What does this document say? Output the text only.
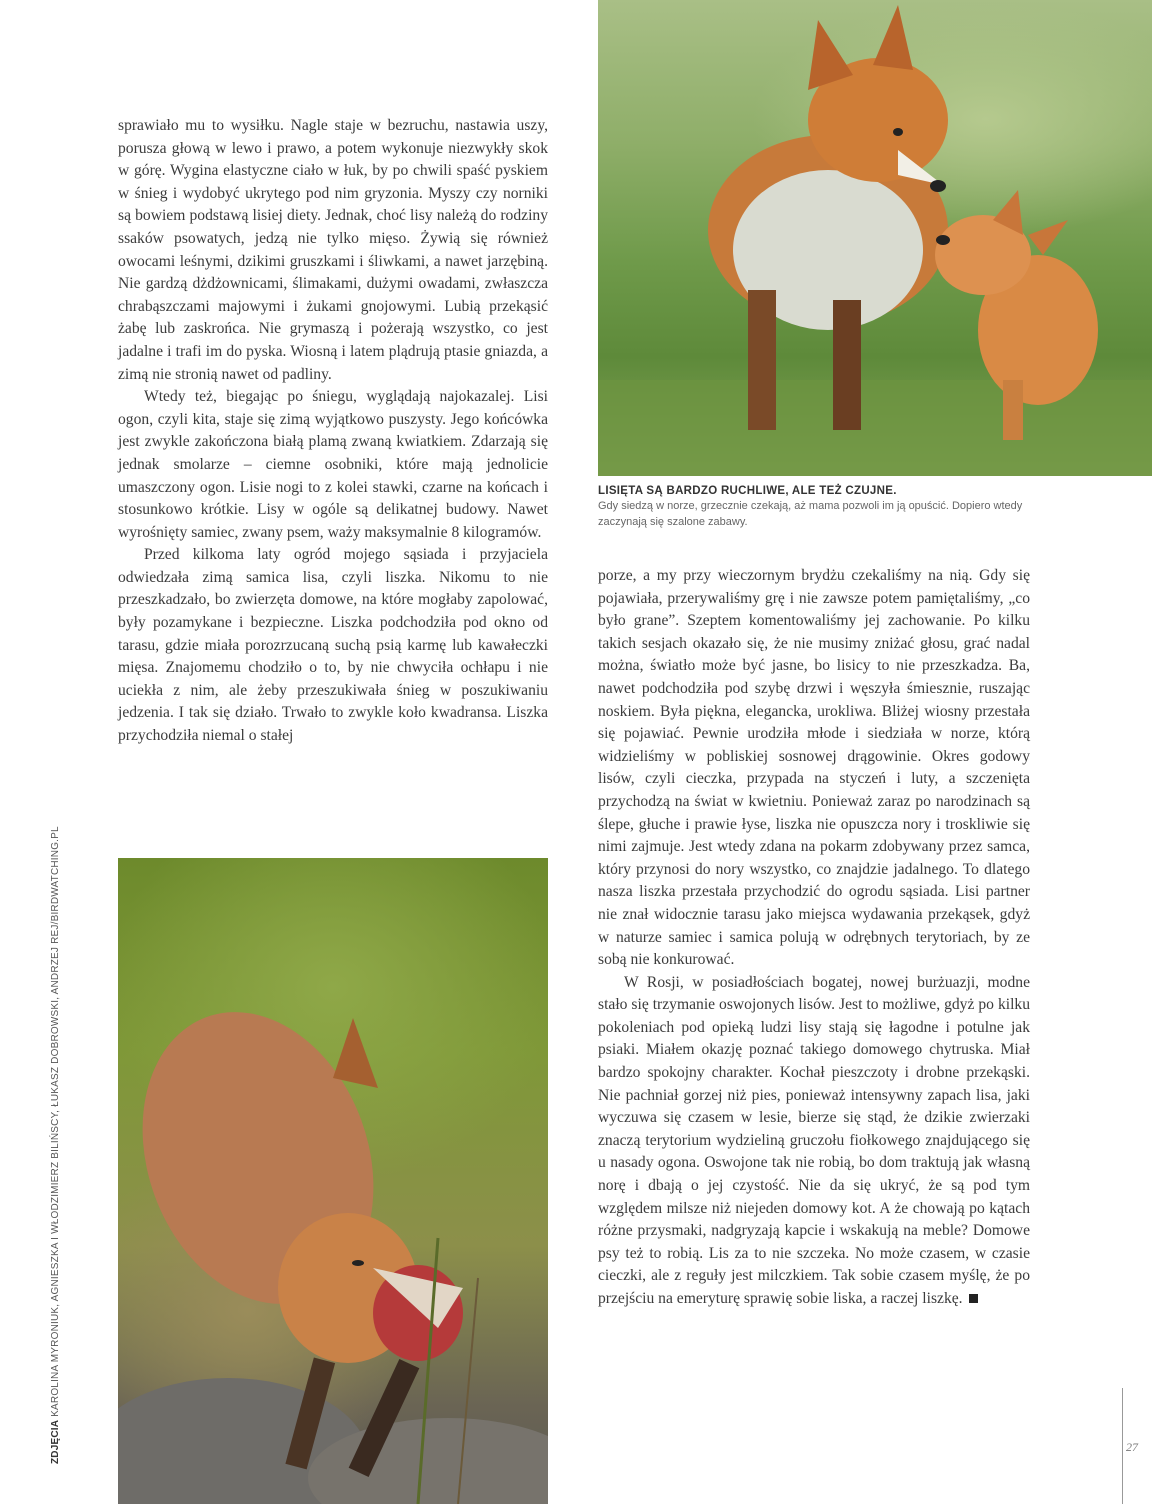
LISIĘTA SĄ BARDZO RUCHLIWE, ALE TEŻ CZUJNE.
Gdy siedzą w norze, grzecznie czekają, aż mama pozwoli im ją opuścić. Dopiero wtedy zaczynają się szalone zabawy.

sprawiało mu to wysiłku. Nagle staje w bezruchu, nastawia uszy, porusza głową w lewo i prawo, a potem wykonuje niezwykły skok w górę. Wygina elastyczne ciało w łuk, by po chwili spaść pyskiem w śnieg i wydobyć ukrytego pod nim gryzonia. Myszy czy norniki są bowiem podstawą lisiej diety. Jednak, choć lisy należą do rodziny ssaków psowatych, jedzą nie tylko mięso. Żywią się również owocami leśnymi, dzikimi gruszkami i śliwkami, a nawet jarzębiną. Nie gardzą dżdżownicami, ślimakami, dużymi owadami, zwłaszcza chrabąszczami majowymi i żukami gnojowymi. Lubią przekąsić żabę lub zaskrońca. Nie grymaszą i pożerają wszystko, co jest jadalne i trafi im do pyska. Wiosną i latem plądrują ptasie gniazda, a zimą nie stronią nawet od padliny.

Wtedy też, biegając po śniegu, wyglądają najokazalej. Lisi ogon, czyli kita, staje się zimą wyjątkowo puszysty. Jego końcówka jest zwykle zakończona białą plamą zwaną kwiatkiem. Zdarzają się jednak smolarze – ciemne osobniki, które mają jednolicie umaszczony ogon. Lisie nogi to z kolei stawki, czarne na końcach i stosunkowo krótkie. Lisy w ogóle są delikatnej budowy. Nawet wyrośnięty samiec, zwany psem, waży maksymalnie 8 kilogramów.

Przed kilkoma laty ogród mojego sąsiada i przyjaciela odwiedzała zimą samica lisa, czyli liszka. Nikomu to nie przeszkadzało, bo zwierzęta domowe, na które mogłaby zapolować, były pozamykane i bezpieczne. Liszka podchodziła pod okno od tarasu, gdzie miała porozrzucaną suchą psią karmę lub kawałeczki mięsa. Znajomemu chodziło o to, by nie chwyciła ochłapu i nie uciekła z nim, ale żeby przeszukiwała śnieg w poszukiwaniu jedzenia. I tak się działo. Trwało to zwykle koło kwadransa. Liszka przychodziła niemal o stałej

porze, a my przy wieczornym brydżu czekaliśmy na nią. Gdy się pojawiała, przerywaliśmy grę i nie zawsze potem pamiętaliśmy, „co było grane”. Szeptem komentowaliśmy jej zachowanie. Po kilku takich sesjach okazało się, że nie musimy zniżać głosu, grać nadal można, światło może być jasne, bo lisicy to nie przeszkadza. Ba, nawet podchodziła pod szybę drzwi i węszyła śmiesznie, ruszając noskiem. Była piękna, elegancka, urokliwa. Bliżej wiosny przestała się pojawiać. Pewnie urodziła młode i siedziała w norze, którą widzieliśmy w pobliskiej sosnowej drągowinie. Okres godowy lisów, czyli cieczka, przypada na styczeń i luty, a szczenięta przychodzą na świat w kwietniu. Ponieważ zaraz po narodzinach są ślepe, głuche i prawie łyse, liszka nie opuszcza nory i troskliwie się nimi zajmuje. Jest wtedy zdana na pokarm zdobywany przez samca, który przynosi do nory wszystko, co znajdzie jadalnego. To dlatego nasza liszka przestała przychodzić do ogrodu sąsiada. Lisi partner nie znał widocznie tarasu jako miejsca wydawania przekąsek, gdyż w naturze samiec i samica polują w odrębnych terytoriach, by ze sobą nie konkurować.

W Rosji, w posiadłościach bogatej, nowej burżuazji, modne stało się trzymanie oswojonych lisów. Jest to możliwe, gdyż po kilku pokoleniach pod opieką ludzi lisy stają się łagodne i potulne jak psiaki. Miałem okazję poznać takiego domowego chytruska. Miał bardzo spokojny charakter. Kochał pieszczoty i drobne przekąski. Nie pachniał gorzej niż pies, ponieważ intensywny zapach lisa, jaki wyczuwa się czasem w lesie, bierze się stąd, że dzikie zwierzaki znaczą terytorium wydzieliną gruczołu fiołkowego znajdującego się u nasady ogona. Oswojone tak nie robią, bo dom traktują jak własną norę i dbają o jej czystość. Nie da się ukryć, że są pod tym względem milsze niż niejeden domowy kot. A że chowają po kątach różne przysmaki, nadgryzają kapcie i wskakują na meble? Domowe psy też to robią. Lis za to nie szczeka. No może czasem, w czasie cieczki, ale z reguły jest milczkiem. Tak sobie czasem myślę, że po przejściu na emeryturę sprawię sobie liska, a raczej liszkę.

ZDJĘCIA KAROLINA MYRONIUK, AGNIESZKA I WŁODZIMIERZ BILIŃSCY, ŁUKASZ DOBROWSKI, ANDRZEJ REJ/BIRDWATCHING.PL
27
